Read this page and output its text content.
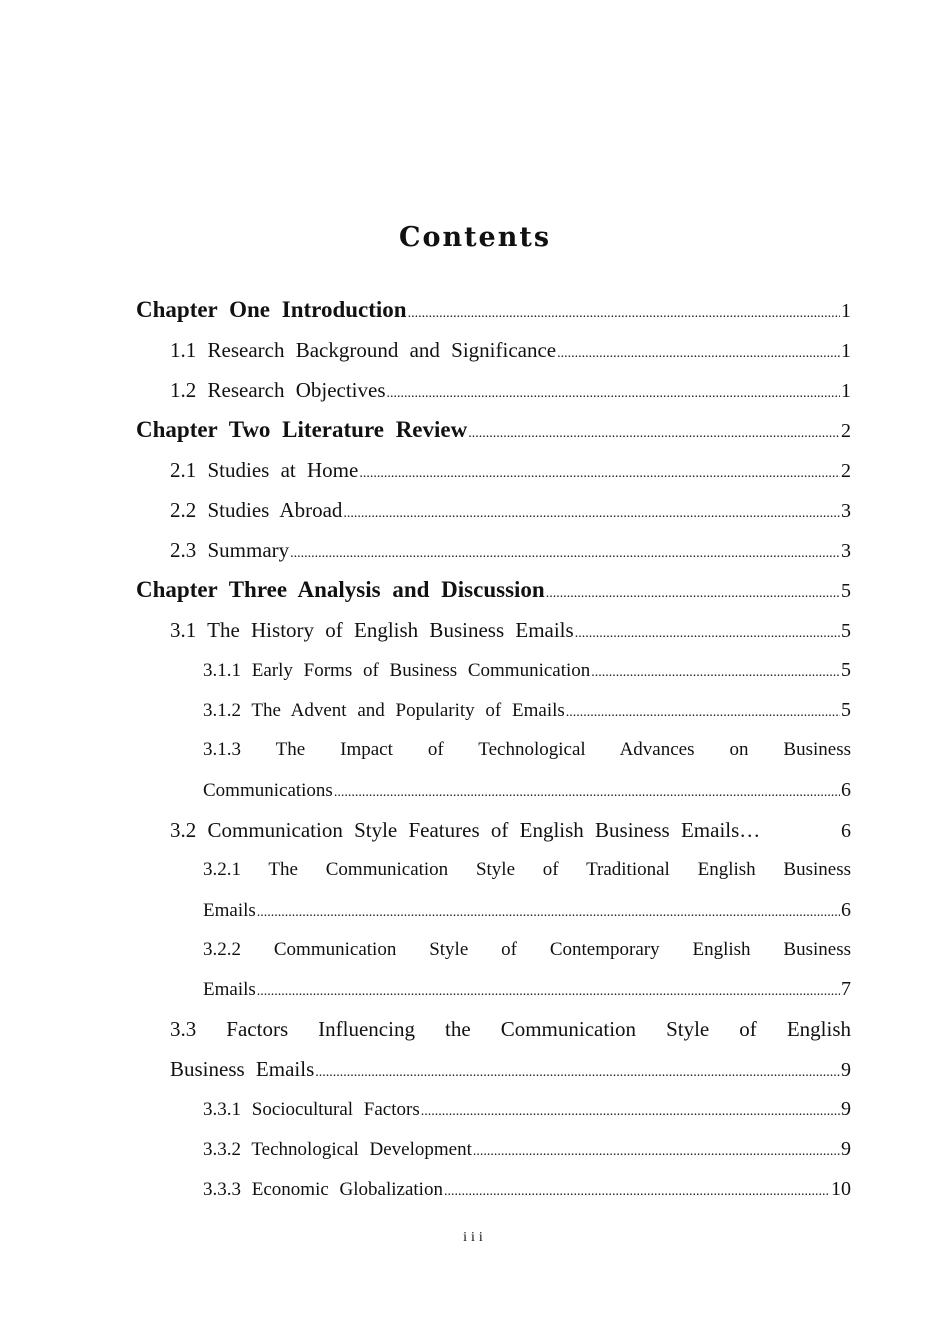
Contents
Chapter One Introduction .....	1
1.1 Research Background and Significance .....	1
1.2 Research Objectives .....	1
Chapter Two Literature Review .....	2
2.1 Studies at Home .....	2
2.2 Studies Abroad .....	3
2.3 Summary .....	3
Chapter Three Analysis and Discussion .....	5
3.1 The History of English Business Emails .....	5
3.1.1 Early Forms of Business Communication .....	5
3.1.2 The Advent and Popularity of Emails .....	5
3.1.3 The Impact of Technological Advances on Business
Communications .....	6
3.2 Communication Style Features of English Business Emails…	6
3.2.1 The Communication Style of Traditional English Business
Emails .....	6
3.2.2 Communication Style of Contemporary English Business
Emails .....	7
3.3 Factors Influencing the Communication Style of English
Business Emails .....	9
3.3.1 Sociocultural Factors .....	9
3.3.2 Technological Development .....	9
3.3.3 Economic Globalization .....	10
iii
